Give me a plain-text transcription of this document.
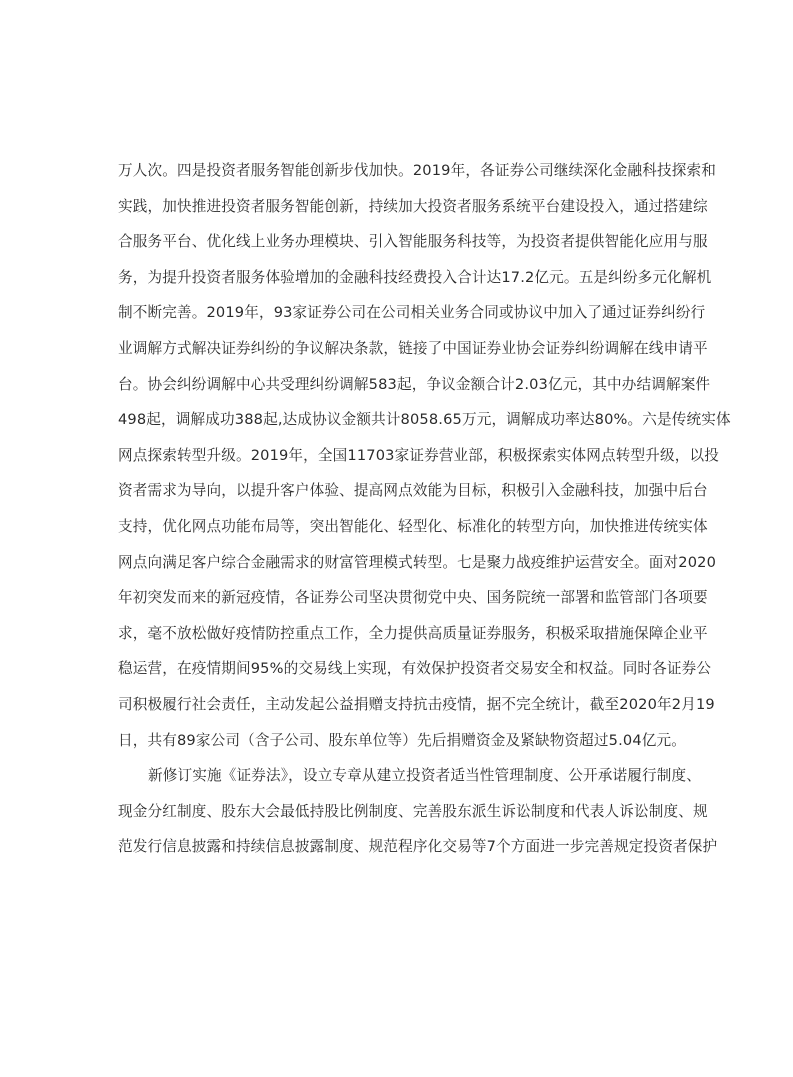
万人次。四是投资者服务智能创新步伐加快。2019年，各证券公司继续深化金融科技探索和
实践，加快推进投资者服务智能创新，持续加大投资者服务系统平台建设投入，通过搭建综
合服务平台、优化线上业务办理模块、引入智能服务科技等，为投资者提供智能化应用与服
务，为提升投资者服务体验增加的金融科技经费投入合计达17.2亿元。五是纠纷多元化解机
制不断完善。2019年，93家证券公司在公司相关业务合同或协议中加入了通过证券纠纷行
业调解方式解决证券纠纷的争议解决条款，链接了中国证券业协会证券纠纷调解在线申请平
台。协会纠纷调解中心共受理纠纷调解583起，争议金额合计2.03亿元，其中办结调解案件
498起，调解成功388起,达成协议金额共计8058.65万元，调解成功率达80%。六是传统实体
网点探索转型升级。2019年，全国11703家证券营业部，积极探索实体网点转型升级，以投
资者需求为导向，以提升客户体验、提高网点效能为目标，积极引入金融科技，加强中后台
支持，优化网点功能布局等，突出智能化、轻型化、标准化的转型方向，加快推进传统实体
网点向满足客户综合金融需求的财富管理模式转型。七是聚力战疫维护运营安全。面对2020
年初突发而来的新冠疫情，各证券公司坚决贯彻党中央、国务院统一部署和监管部门各项要
求，毫不放松做好疫情防控重点工作，全力提供高质量证券服务，积极采取措施保障企业平
稳运营，在疫情期间95%的交易线上实现，有效保护投资者交易安全和权益。同时各证券公
司积极履行社会责任，主动发起公益捐赠支持抗击疫情，据不完全统计，截至2020年2月19
日，共有89家公司（含子公司、股东单位等）先后捐赠资金及紧缺物资超过5.04亿元。
新修订实施《证券法》，设立专章从建立投资者适当性管理制度、公开承诺履行制度、
现金分红制度、股东大会最低持股比例制度、完善股东派生诉讼制度和代表人诉讼制度、规
范发行信息披露和持续信息披露制度、规范程序化交易等7个方面进一步完善规定投资者保护
